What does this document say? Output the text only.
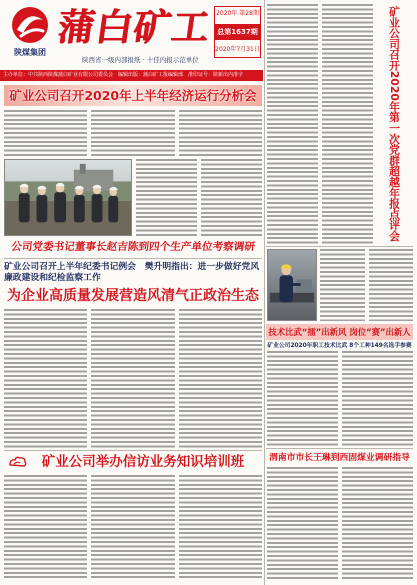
陕煤集团
蒲白矿工
陕西省一级内部报纸 · 十佳内报示范单位
2020年 第28期
总第1637期
2020年7月31日
主办单位：中共陕西陕煤蒲白矿业有限公司委员会　编辑出版：蒲白矿工报编辑部　准印证号：陕新出内准字
矿业公司召开2020年上半年经济运行分析会
公司党委书记董事长赵吉陈到四个生产单位考察调研
矿业公司召开上半年纪委书记例会　樊升明指出：进一步做好党风廉政建设和纪检监察工作
为企业高质量发展营造风清气正政治生态
矿业公司举办信访业务知识培训班
矿业公司召开2020年第一次党群超越年报点评会
技术比武“擂”出新风 岗位“赛”出新人
矿业公司2020年职工技术比武 8个工种149名选手参赛
渭南市市长王琳到西固煤业调研指导
